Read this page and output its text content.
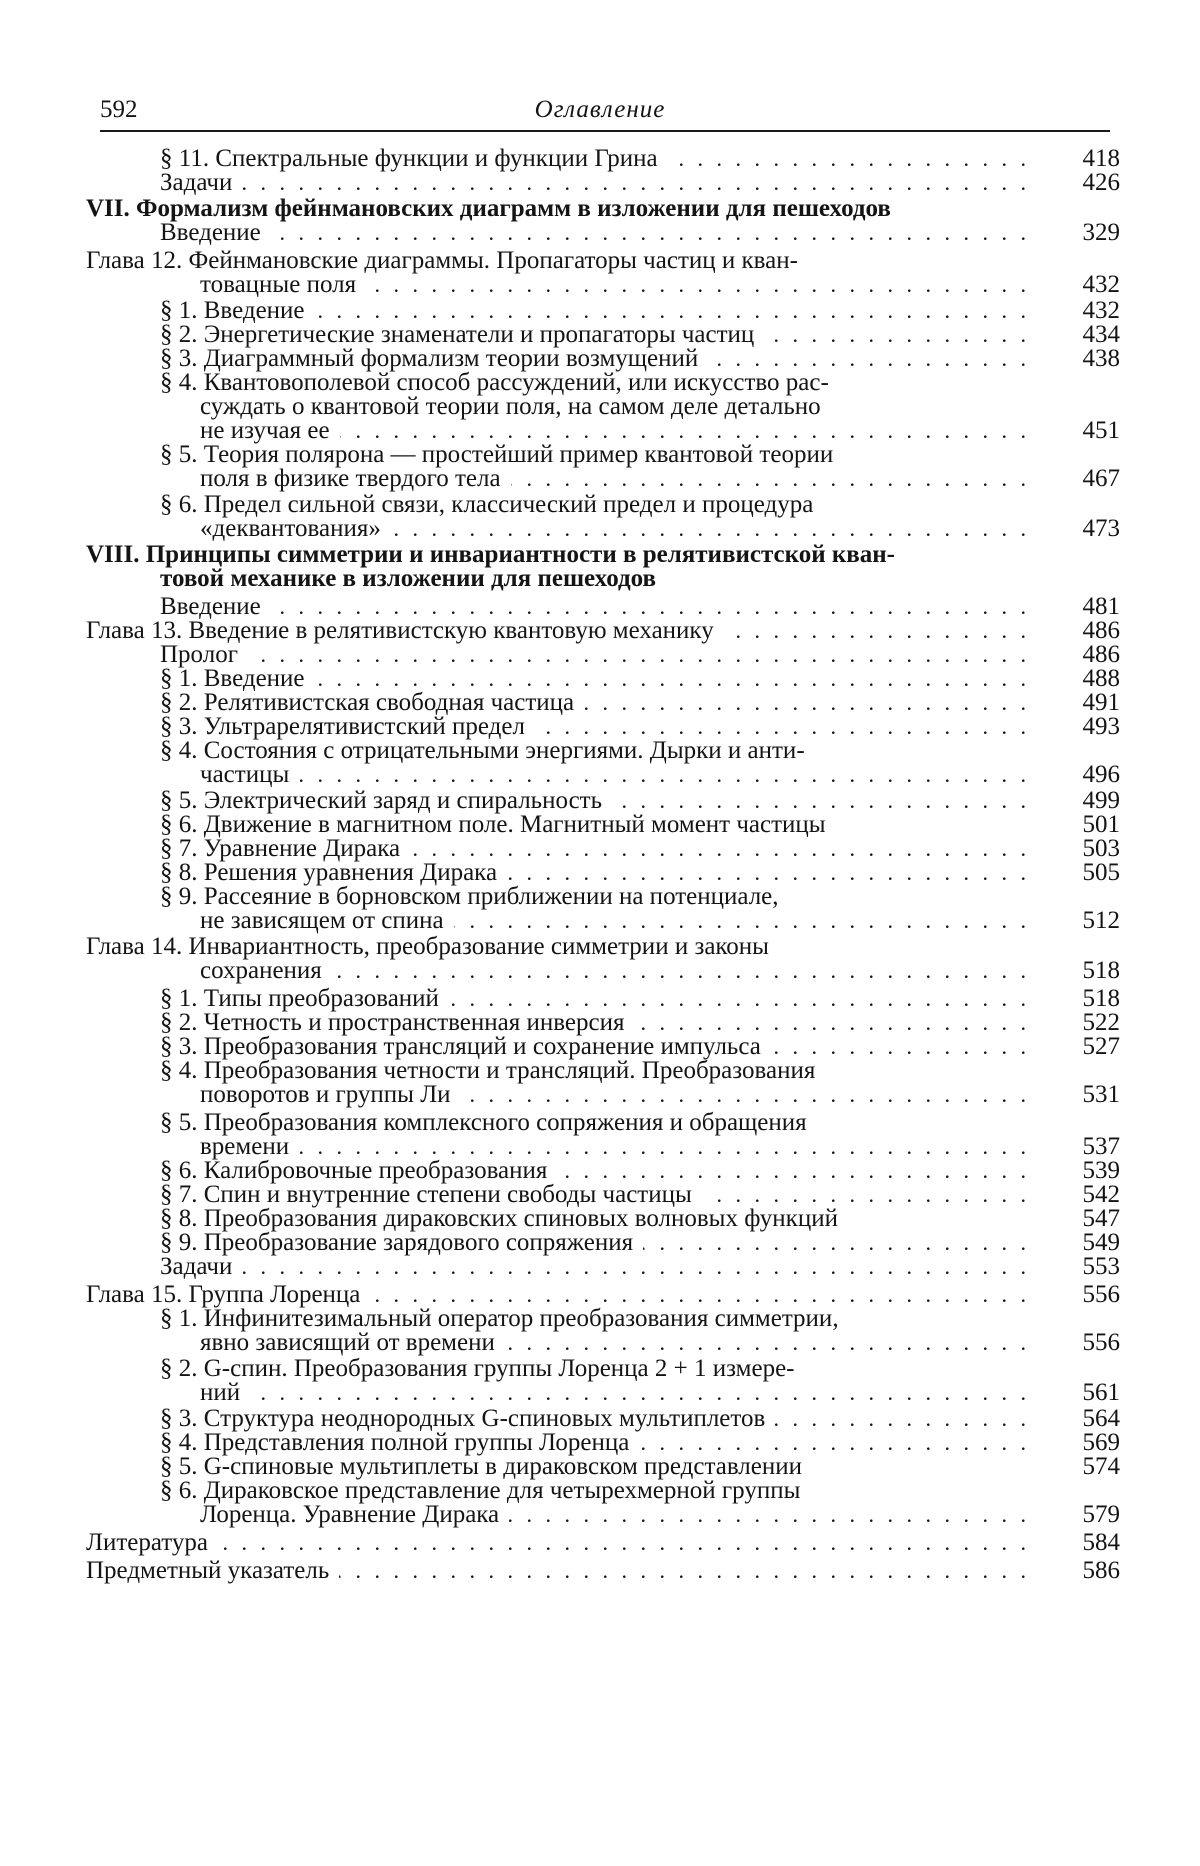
592	Оглавление
§ 11. Спектральные функции и функции Грина . . .	418
Задачи . . .	426
VII. Формализм фейнмановских диаграмм в изложении для пешеходов
Введение . . .	329
Глава 12. Фейнмановские диаграммы. Пропагаторы частиц и кван-
товацные поля . . .	432
§ 1. Введение . . .	432
§ 2. Энергетические знаменатели и пропагаторы частиц . . .	434
§ 3. Диаграммный формализм теории возмущений . . .	438
§ 4. Квантовополевой способ рассуждений, или искусство рас-
суждать о квантовой теории поля, на самом деле детально
не изучая ее . . .	451
§ 5. Теория полярона — простейший пример квантовой теории
поля в физике твердого тела . . .	467
§ 6. Предел сильной связи, классический предел и процедура
«деквантования» . . .	473
VIII. Принципы симметрии и инвариантности в релятивистской кван-
товой механике в изложении для пешеходов
Введение . . .	481
Глава 13. Введение в релятивистскую квантовую механику . . .	486
Пролог . . .	486
§ 1. Введение . . .	488
§ 2. Релятивистская свободная частица . . .	491
§ 3. Ультрарелятивистский предел . . .	493
§ 4. Состояния с отрицательными энергиями. Дырки и анти-
частицы . . .	496
§ 5. Электрический заряд и спиральность . . .	499
§ 6. Движение в магнитном поле. Магнитный момент частицы	501
§ 7. Уравнение Дирака . . .	503
§ 8. Решения уравнения Дирака . . .	505
§ 9. Рассеяние в борновском приближении на потенциале,
не зависящем от спина . . .	512
Глава 14. Инвариантность, преобразование симметрии и законы
сохранения . . .	518
§ 1. Типы преобразований . . .	518
§ 2. Четность и пространственная инверсия . . .	522
§ 3. Преобразования трансляций и сохранение импульса . . .	527
§ 4. Преобразования четности и трансляций. Преобразования
поворотов и группы Ли . . .	531
§ 5. Преобразования комплексного сопряжения и обращения
времени . . .	537
§ 6. Калибровочные преобразования . . .	539
§ 7. Спин и внутренние степени свободы частицы . . .	542
§ 8. Преобразования дираковских спиновых волновых функций	547
§ 9. Преобразование зарядового сопряжения . . .	549
Задачи . . .	553
Глава 15. Группа Лоренца . . .	556
§ 1. Инфинитезимальный оператор преобразования симметрии,
явно зависящий от времени . . .	556
§ 2. G-спин. Преобразования группы Лоренца 2 + 1 измере-
ний . . .	561
§ 3. Структура неоднородных G-спиновых мультиплетов . . .	564
§ 4. Представления полной группы Лоренца . . .	569
§ 5. G-спиновые мультиплеты в дираковском представлении	574
§ 6. Дираковское представление для четырехмерной группы
Лоренца. Уравнение Дирака . . .	579
Литература . . .	584
Предметный указатель . . .	586
